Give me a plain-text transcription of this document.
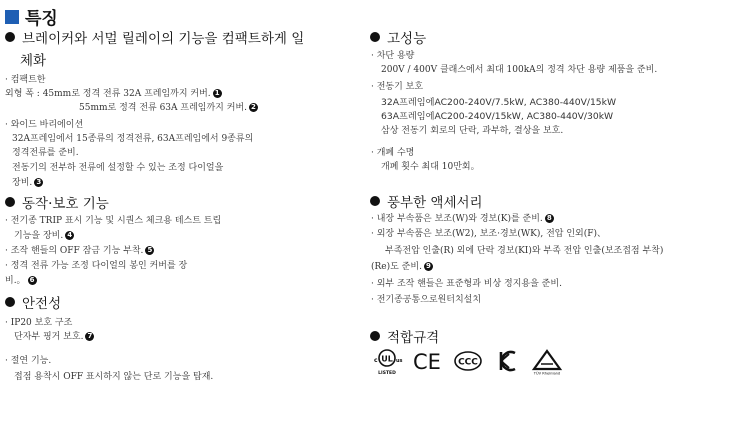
특징
브레이커와 서멀 릴레이의 기능을 컴팩트하게 일
체화
· 컴팩트한
외형 폭 : 45mm로 정격 전류 32A 프레임까지 커버. 1
55mm로 정격 전류 63A 프레임까지 커버. 2
· 와이드 바리에이션
32A프레임에서 15종류의 정격전류, 63A프레임에서 9종류의
정격전류를 준비.
전동기의 전부하 전류에 설정할 수 있는 조정 다이얼을
장비. 3
동작·보호 기능
· 전기종 TRIP 표시 기능 및 시퀀스 체크용 테스트 트립
기능을 장비. 4
· 조작 핸들의 OFF 잠금 기능 부착. 5
· 정격 전류 가능 조정 다이얼의 봉인 커버를 장
비.。 6
안전성
· IP20 보호 구조
단자부 핑거 보호. 7
· 절연 기능.
접점 용착시 OFF 표시하지 않는 단로 기능을 탑재.
고성능
· 차단 용량
200V / 400V 클래스에서 최대 100kA의 정격 차단 용량 제품을 준비.
· 전동기 보호
32A프레임에AC200-240V/7.5kW, AC380-440V/15kW
63A프레임에AC200-240V/15kW, AC380-440V/30kW
삼상 전동기 회로의 단락, 과부하, 결상을 보호.
· 개폐 수명
개폐 횟수 최대 10만회。
풍부한 액세서리
· 내장 부속품은 보조(W)와 경보(K)를 준비. 8
· 외장 부속품은 보조(W2), 보조·경보(WK), 전압 인외(F)、
부족전압 인출(R) 외에 단락 경보(KI)와 부족 전압 인출(보조접점 부착)
(Re)도 준비. 9
· 외부 조작 핸들은 표준형과 비상 정지용을 준비.
· 전기종공통으로원터치설치
적합규격
UL
c	us
LISTED CE CCC
TÜV Rheinland
